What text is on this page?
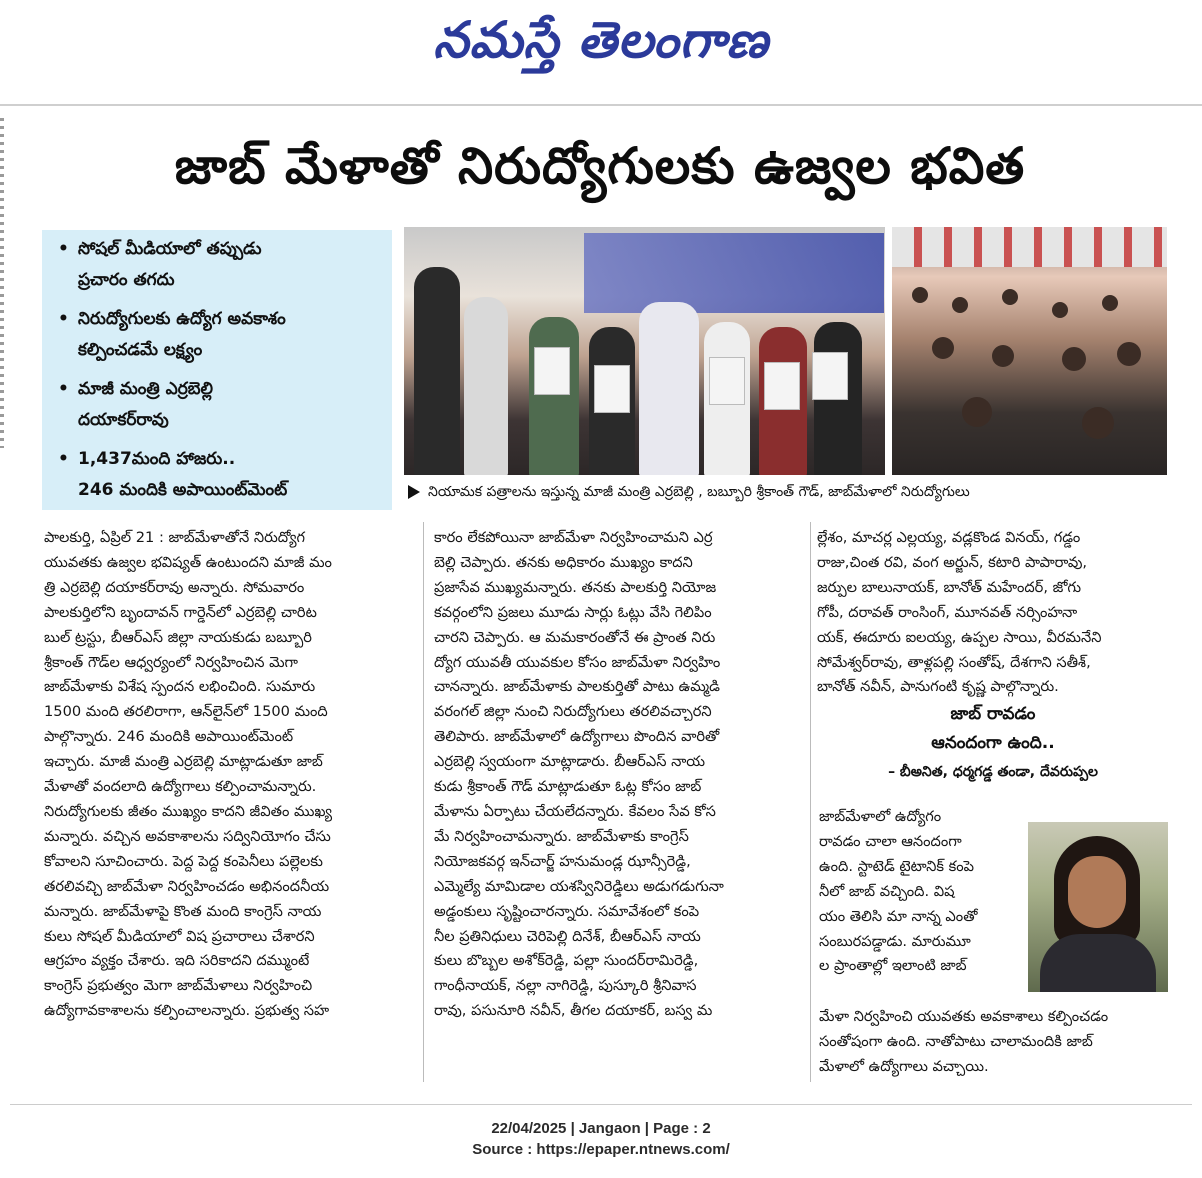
నమస్తే తెలంగాణ
జాబ్ మేళాతో నిరుద్యోగులకు ఉజ్వల భవిత
• సోషల్ మీడియాలో తప్పుడు
ప్రచారం తగదు
• నిరుద్యోగులకు ఉద్యోగ అవకాశం
కల్పించడమే లక్ష్యం
• మాజీ మంత్రి ఎర్రబెల్లి
దయాకర్‌రావు
• 1,437మంది హాజరు..
246 మందికి అపాయింట్‌మెంట్	నియామక పత్రాలను ఇస్తున్న మాజీ మంత్రి ఎర్రబెల్లి , బబ్బూరి శ్రీకాంత్ గౌడ్, జాబ్‌మేళాలో నిరుద్యోగులు

పాలకుర్తి, ఏప్రిల్ 21 : జాబ్‌మేళాతోనే నిరుద్యోగ

యువతకు ఉజ్వల భవిష్యత్ ఉంటుందని మాజీ మం

త్రి ఎర్రబెల్లి దయాకర్‌రావు అన్నారు. సోమవారం

పాలకుర్తిలోని బృందావన్ గార్డెన్‌లో ఎర్రబెల్లి చారిట

బుల్ ట్రస్టు, బీఆర్‌ఎస్ జిల్లా నాయకుడు బబ్బూరి

శ్రీకాంత్ గౌడ్‌ల ఆధ్వర్యంలో నిర్వహించిన మెగా

జాబ్‌మేళాకు విశేష స్పందన లభించింది. సుమారు

1500 మంది తరలిరాగా, ఆన్‌లైన్‌లో 1500 మంది

పాల్గొన్నారు. 246 మందికి అపాయింట్‌మెంట్

ఇచ్చారు. మాజీ మంత్రి ఎర్రబెల్లి మాట్లాడుతూ జాబ్

మేళాతో వందలాది ఉద్యోగాలు కల్పించామన్నారు.

నిరుద్యోగులకు జీతం ముఖ్యం కాదని జీవితం ముఖ్య

మన్నారు. వచ్చిన అవకాశాలను సద్వినియోగం చేసు

కోవాలని సూచించారు. పెద్ద పెద్ద కంపెనీలు పల్లెలకు

తరలివచ్చి జాబ్‌మేళా నిర్వహించడం అభినందనీయ

మన్నారు. జాబ్‌మేళాపై కొంత మంది కాంగ్రెస్ నాయ

కులు సోషల్ మీడియాలో విష ప్రచారాలు చేశారని

ఆగ్రహం వ్యక్తం చేశారు. ఇది సరికాదని దమ్ముంటే

కాంగ్రెస్ ప్రభుత్వం మెగా జాబ్‌మేళాలు నిర్వహించి

ఉద్యోగావకాశాలను కల్పించాలన్నారు. ప్రభుత్వ సహ

కారం లేకపోయినా జాబ్‌మేళా నిర్వహించామని ఎర్ర

బెల్లి చెప్పారు. తనకు అధికారం ముఖ్యం కాదని

ప్రజాసేవ ముఖ్యమన్నారు. తనకు పాలకుర్తి నియోజ

కవర్గంలోని ప్రజలు మూడు సార్లు ఓట్లు వేసి గెలిపిం

చారని చెప్పారు. ఆ మమకారంతోనే ఈ ప్రాంత నిరు

ద్యోగ యువతీ యువకుల కోసం జాబ్‌మేళా నిర్వహిం

చానన్నారు. జాబ్‌మేళాకు పాలకుర్తితో పాటు ఉమ్మడి

వరంగల్ జిల్లా నుంచి నిరుద్యోగులు తరలివచ్చారని

తెలిపారు. జాబ్‌మేళాలో ఉద్యోగాలు పొందిన వారితో

ఎర్రబెల్లి స్వయంగా మాట్లాడారు. బీఆర్‌ఎస్ నాయ

కుడు శ్రీకాంత్ గౌడ్ మాట్లాడుతూ ఓట్ల కోసం జాబ్

మేళాను ఏర్పాటు చేయలేదన్నారు. కేవలం సేవ కోస

మే నిర్వహించామన్నారు. జాబ్‌మేళాకు కాంగ్రెస్

నియోజకవర్గ ఇన్‌చార్జ్ హనుమండ్ల ఝాన్సీరెడ్డి,

ఎమ్మెల్యే మామిడాల యశస్వినిరెడ్డిలు అడుగడుగునా

అడ్డంకులు సృష్టించారన్నారు. సమావేశంలో కంపె

నీల ప్రతినిధులు చెరిపెల్లి దినేశ్, బీఆర్‌ఎస్ నాయ

కులు బొబ్బల అశోక్‌రెడ్డి, పల్లా సుందర్‌రామిరెడ్డి,

గాంధీనాయక్, నల్లా నాగిరెడ్డి, పుస్కూరి శ్రీనివాస

రావు, పసునూరి నవీన్, తీగల దయాకర్, బస్వ మ

ల్లేశం, మాచర్ల ఎల్లయ్య, వడ్లకొండ వినయ్, గడ్డం

రాజు,చింత రవి, వంగ అర్జున్, కటారి పాపారావు,

జర్పుల బాలునాయక్, బానోత్ మహేందర్, జోగు

గోపీ, దరావత్ రాంసింగ్, మూనవత్ నర్సింహనా

యక్, ఈదూరు ఐలయ్య, ఉప్పల సాయి, వీరమనేని

సోమేశ్వర్‌రావు, తాళ్లపల్లి సంతోష్, దేశగాని సతీశ్,

బానోత్ నవీన్, పానుగంటి కృష్ణ పాల్గొన్నారు.

జాబ్ రావడం
ఆనందంగా ఉంది..
– బీఅనిత, ధర్మగడ్డ తండా, దేవరుప్పల

జాబ్‌మేళాలో ఉద్యోగం

రావడం చాలా ఆనందంగా

ఉంది. స్టాటెడ్ టైటానిక్ కంపె

నీలో జాబ్ వచ్చింది. విష

యం తెలిసి మా నాన్న ఎంతో

సంబురపడ్డాడు. మారుమూ

ల ప్రాంతాల్లో ఇలాంటి జాబ్

మేళా నిర్వహించి యువతకు అవకాశాలు కల్పించడం

సంతోషంగా ఉంది. నాతోపాటు చాలామందికి జాబ్

మేళాలో ఉద్యోగాలు వచ్చాయి.

22/04/2025 | Jangaon | Page : 2
Source : https://epaper.ntnews.com/
